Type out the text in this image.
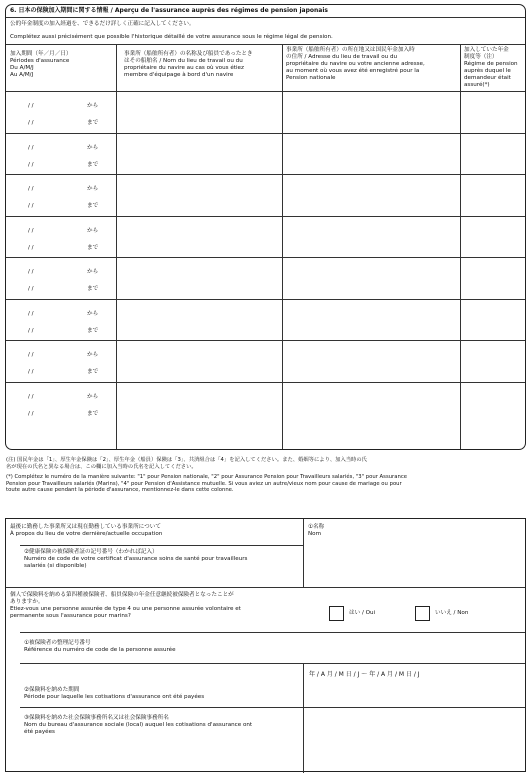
6. 日本の保険加入期間に関する情報 / Aperçu de l'assurance auprès des régimes de pension japonais
公的年金制度の加入経過を、できるだけ詳しく正確に記入してください。
Complétez aussi précisément que possible l'historique détaillé de votre assurance sous le régime légal de pension.
加入期間（年／月／日）
Périodes d'assurance
Du A/M/J
Au A/M/J
事業所（船舶所有者）の名称及び船員であったとき
はその船舶名 / Nom du lieu de travail ou du
propriétaire du navire au cas où vous étiez
membre d'équipage à bord d'un navire
事業所（船舶所有者）の所在地又は国民年金加入時
の住所 / Adresse du lieu de travail ou du
propriétaire du navire ou votre ancienne adresse,
au moment où vous avez été enregistré pour la
Pension nationale
加入していた年金
制度等（注）
Régime de pension
auprès duquel le
demandeur était
assuré(*)
/ /	から
/ /	まで
/ /	から
/ /	まで
/ /	から
/ /	まで
/ /	から
/ /	まで
/ /	から
/ /	まで
/ /	から
/ /	まで
/ /	から
/ /	まで
/ /	から
/ /	まで
(注) 国民年金は「1」、厚生年金保険は「2」、厚生年金（船員）保険は「3」、共済組合は「4」を記入してください。また、婚姻等により、加入当時の氏
名が現在の氏名と異なる場合は、この欄に加入当時の氏名を記入してください。
(*) Complétez le numéro de la manière suivante: "1" pour Pension nationale, "2" pour Assurance Pension pour Travailleurs salariés, "3" pour Assurance
Pension pour Travailleurs salariés (Marins), "4" pour Pension d'Assistance mutuelle. Si vous aviez un autre/vieux nom pour cause de mariage ou pour
toute autre cause pendant la période d'assurance, mentionnez-le dans cette colonne.
最後に勤務した事業所又は現在勤務している事業所について
À propos du lieu de votre dernière/actuelle occupation
①名称
Nom
②健康保険の被保険者証の記号番号（わかれば記入）
Numéro de code de votre certificat d'assurance soins de santé pour travailleurs
salariés (si disponible)
個人で保険料を納める第四種被保険者、船員保険の年金任意継続被保険者となったことが
ありますか。
Etiez-vous une personne assurée de type 4 ou une personne assurée volontaire et
permanente sous l'assurance pour marins?	はい / Oui	いいえ / Non
①被保険者の整理記号番号
Référence du numéro de code de la personne assurée
②保険料を納めた期間
Période pour laquelle les cotisations d'assurance ont été payées
年 / A 月 / M 日 / J ～ 年 / A 月 / M 日 / J
③保険料を納めた社会保険事務所名又は社会保険事務所名
Nom du bureau d'assurance sociale (local) auquel les cotisations d'assurance ont
été payées
